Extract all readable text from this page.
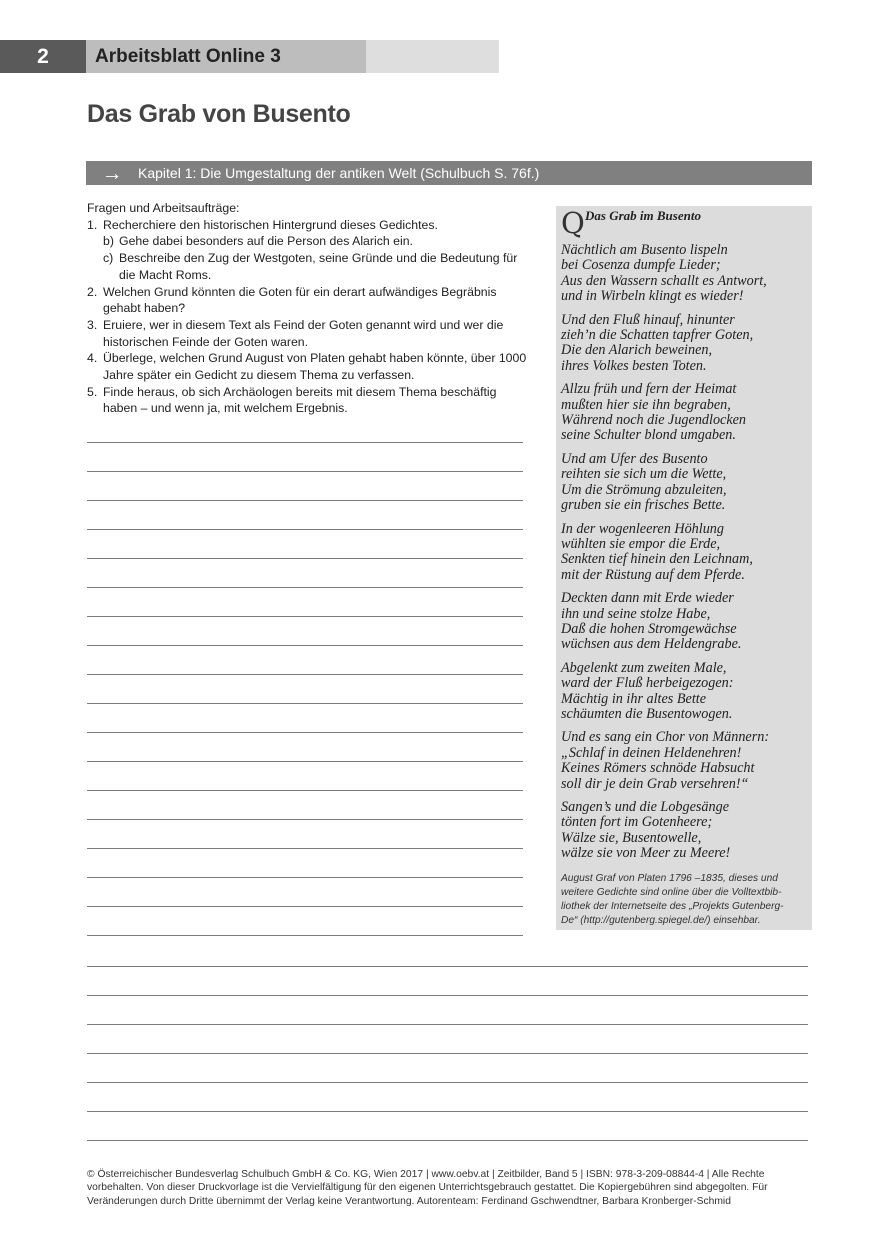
2	Arbeitsblatt Online 3
Das Grab von Busento
→	Kapitel 1: Die Umgestaltung der antiken Welt (Schulbuch S. 76f.)

Fragen und Arbeitsaufträge:

1. Recherchiere den historischen Hintergrund dieses Gedichtes.
b) Gehe dabei besonders auf die Person des Alarich ein.
c) Beschreibe den Zug der Westgoten, seine Gründe und die Bedeutung für die Macht Roms.
2. Welchen Grund könnten die Goten für ein derart aufwändiges Begräbnis gehabt haben?
3. Eruiere, wer in diesem Text als Feind der Goten genannt wird und wer die historischen Feinde der Goten waren.
4. Überlege, welchen Grund August von Platen gehabt haben könnte, über 1000 Jahre später ein Gedicht zu diesem Thema zu verfassen.
5. Finde heraus, ob sich Archäologen bereits mit diesem Thema beschäftig haben – und wenn ja, mit welchem Ergebnis.
Q Das Grab im Busento

Nächtlich am Busento lispeln
bei Cosenza dumpfe Lieder;
Aus den Wassern schallt es Antwort,
und in Wirbeln klingt es wieder!

Und den Fluß hinauf, hinunter
zieh’n die Schatten tapfrer Goten,
Die den Alarich beweinen,
ihres Volkes besten Toten.

Allzu früh und fern der Heimat
mußten hier sie ihn begraben,
Während noch die Jugendlocken
seine Schulter blond umgaben.

Und am Ufer des Busento
reihten sie sich um die Wette,
Um die Strömung abzuleiten,
gruben sie ein frisches Bette.

In der wogenleeren Höhlung
wühlten sie empor die Erde,
Senkten tief hinein den Leichnam,
mit der Rüstung auf dem Pferde.

Deckten dann mit Erde wieder
ihn und seine stolze Habe,
Daß die hohen Stromgewächse
wüchsen aus dem Heldengrabe.

Abgelenkt zum zweiten Male,
ward der Fluß herbeigezogen:
Mächtig in ihr altes Bette
schäumten die Busentowogen.

Und es sang ein Chor von Männern:
„Schlaf in deinen Heldenehren!
Keines Römers schnöde Habsucht
soll dir je dein Grab versehren!“

Sangen’s und die Lobgesänge
tönten fort im Gotenheere;
Wälze sie, Busentowelle,
wälze sie von Meer zu Meere!

August Graf von Platen 1796 –1835, dieses und
weitere Gedichte sind online über die Volltextbib-
liothek der Internetseite des „Projekts Gutenberg-
De“ (http://gutenberg.spiegel.de/) einsehbar.
© Österreichischer Bundesverlag Schulbuch GmbH & Co. KG, Wien 2017 | www.oebv.at | Zeitbilder, Band 5 | ISBN: 978-3-209-08844-4 | Alle Rechte
vorbehalten. Von dieser Druckvorlage ist die Vervielfältigung für den eigenen Unterrichtsgebrauch gestattet. Die Kopiergebühren sind abgegolten. Für
Veränderungen durch Dritte übernimmt der Verlag keine Verantwortung. Autorenteam: Ferdinand Gschwendtner, Barbara Kronberger-Schmid
